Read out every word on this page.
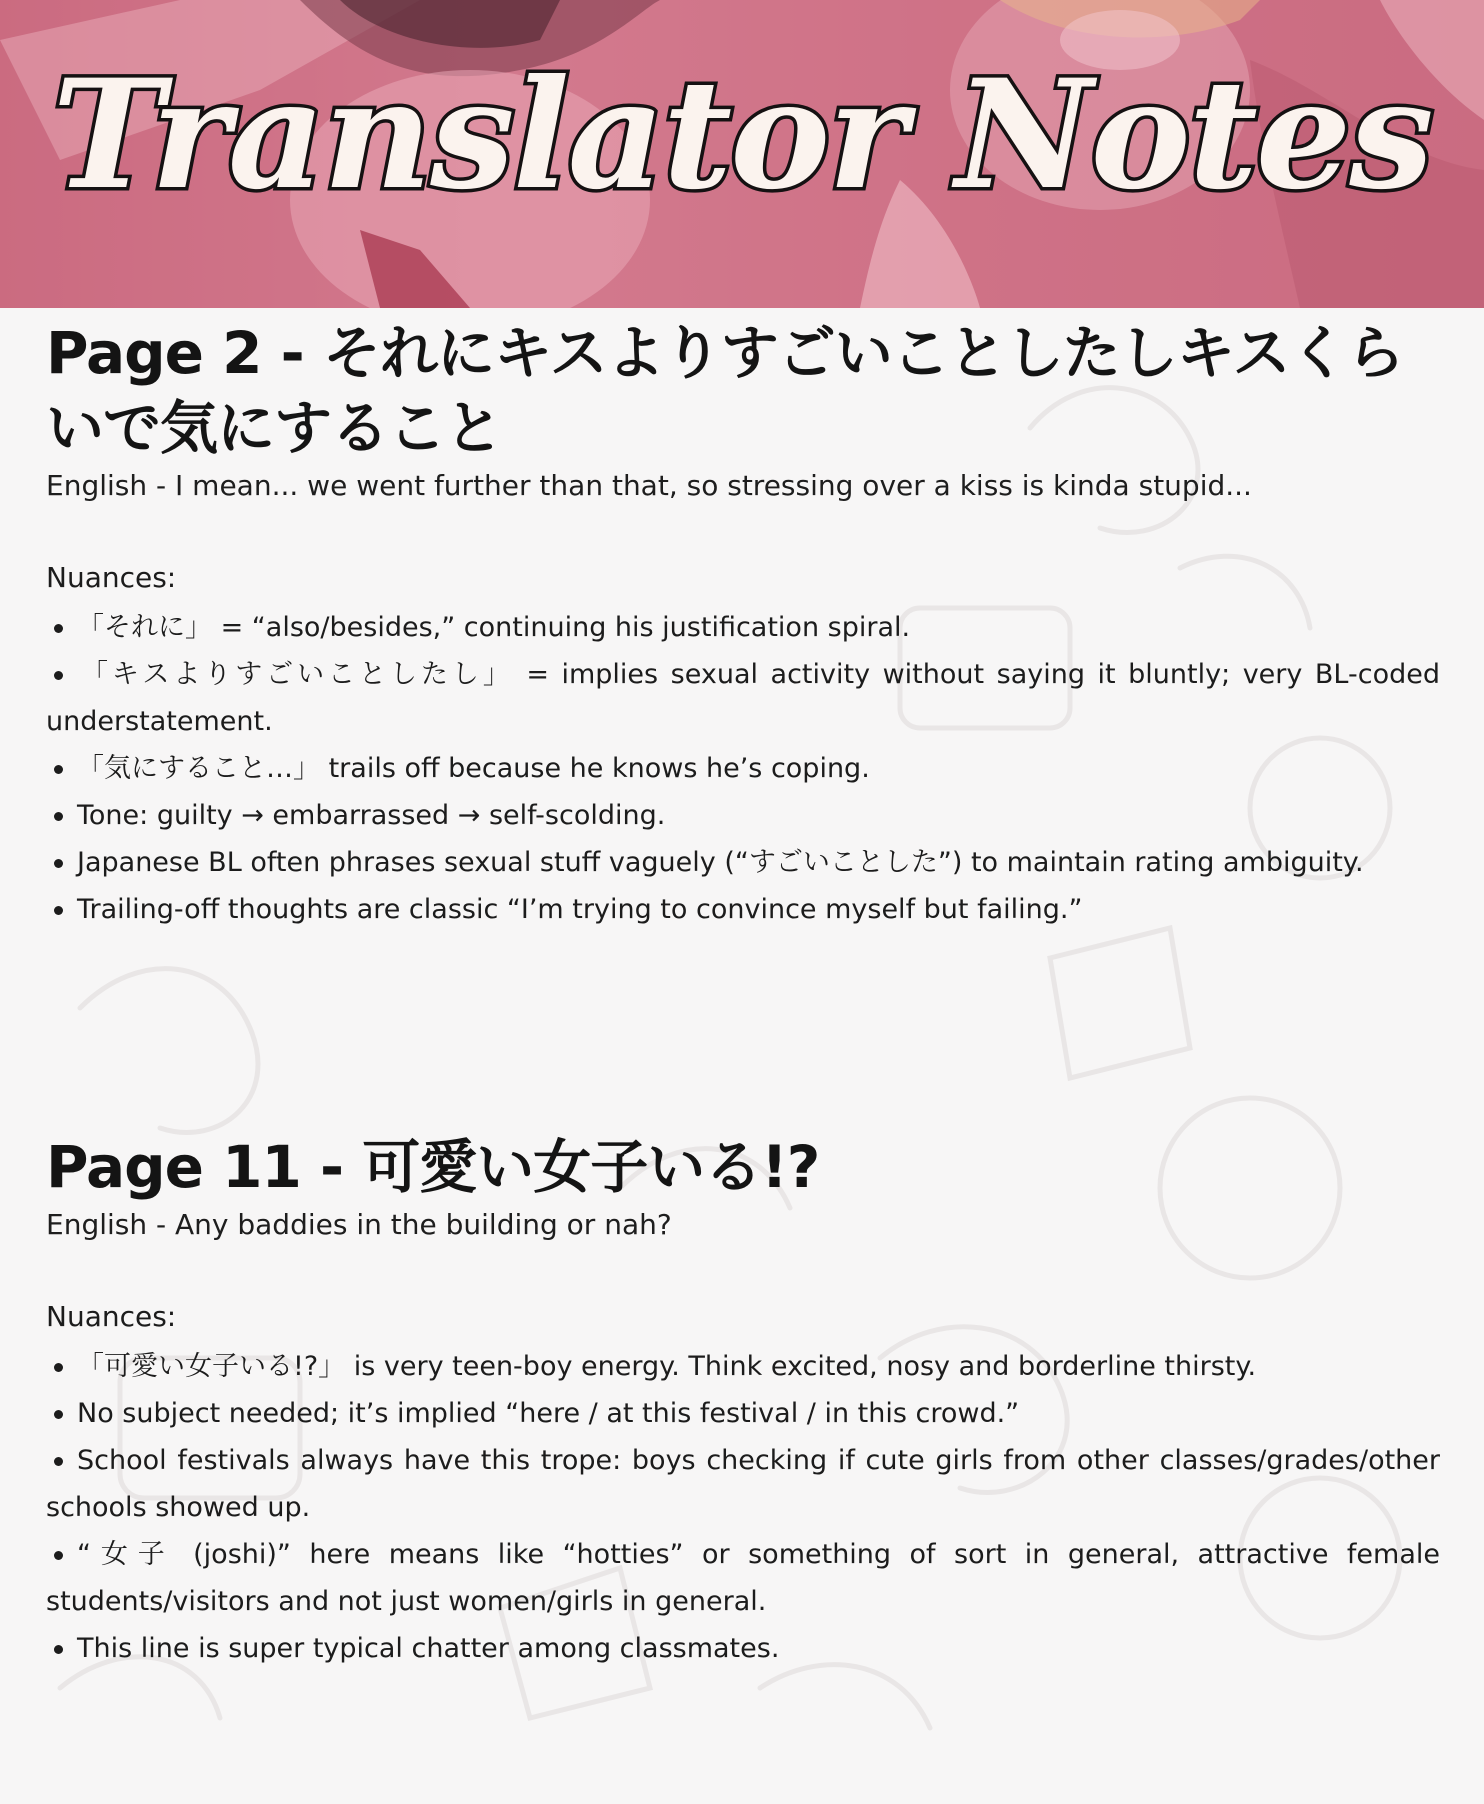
Translator Notes
Page 2 - それにキスよりすごいことしたしキスくらいで気にすること

English - I mean... we went further than that, so stressing over a kiss is kinda stupid...

Nuances:

「それに」 = “also/besides,” continuing his justification spiral.
「キスよりすごいことしたし」 = implies sexual activity without saying it bluntly; very BL-coded understatement.
「気にすること…」 trails off because he knows he’s coping.
Tone: guilty → embarrassed → self-scolding.
Japanese BL often phrases sexual stuff vaguely (“すごいことした”) to maintain rating ambiguity.
Trailing-off thoughts are classic “I’m trying to convince myself but failing.”
Page 11 - 可愛い女子いる!?

English - Any baddies in the building or nah?

Nuances:

「可愛い女子いる!?」 is very teen-boy energy. Think excited, nosy and borderline thirsty.
No subject needed; it’s implied “here / at this festival / in this crowd.”
School festivals always have this trope: boys checking if cute girls from other classes/grades/other schools showed up.
“女子 (joshi)” here means like “hotties” or something of sort in general, attractive female students/visitors and not just women/girls in general.
This line is super typical chatter among classmates.
